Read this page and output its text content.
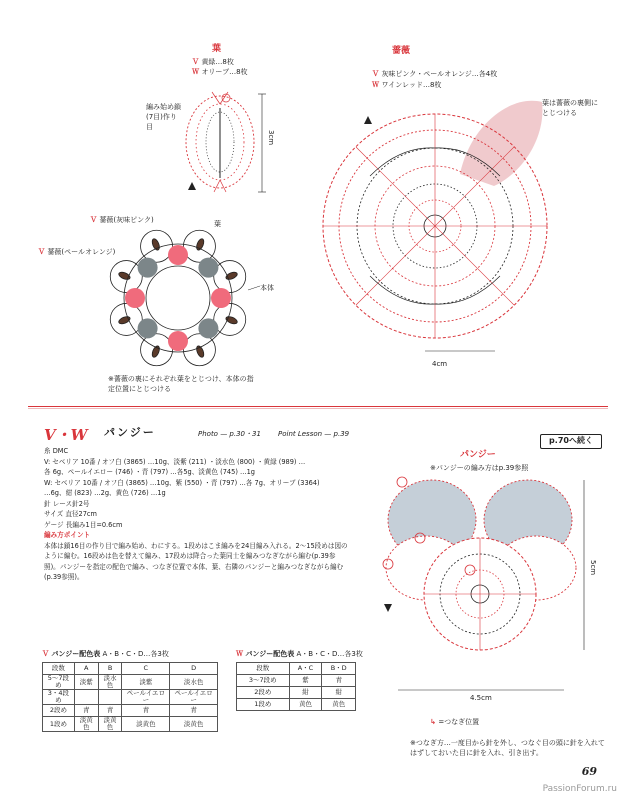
葉
Ｖ 黄緑…8枚
Ｗ オリーブ…8枚
編み始め鎖(7目)作り目
3cm
薔薇
Ｖ 灰味ピンク・ペールオレンジ…各4枚
Ｗ ワインレッド…8枚
葉は薔薇の裏側にとじつける
4cm
Ｖ 薔薇(灰味ピンク)	葉
Ｖ 薔薇(ペールオレンジ)
本体
※薔薇の裏にそれぞれ葉をとじつけ、本体の指定位置にとじつける
V・W パンジー	Photo — p.30・31 Point Lesson — p.39

糸 DMC

V: セベリア 10番 / オフ白 (3865) …10g、淡紫 (211) ・淡水色 (800) ・黄緑 (989) …

各 6g、ペールイエロー (746) ・青 (797) …各5g、淡黄色 (745) …1g

W: セベリア 10番 / オフ白 (3865) …10g、紫 (550) ・青 (797) …各 7g、オリーブ (3364)

…6g、紺 (823) …2g、黄色 (726) …1g

針 レース針2号

サイズ 直径27cm

ゲージ 長編み1目=0.6cm

編み方ポイント

本体は鎖16目の作り目で編み始め、わにする。1段めはこま編みを24目編み入れる。2～15段めは図の

ように編む。16段めは色を替えて編み、17段めは降合った葉同士を編みつなぎながら編む(p.39参

照)。パンジーを指定の配色で編み、つなぎ位置で本体、葉、右隣のパンジーと編みつなぎながら編む

(p.39参照)。

Ｖ パンジー配色表 A・B・C・D…各3枚
段数	A	B	C	D
5～7段め	淡紫	淡水色	淡紫	淡水色
3・4段め			ペールイエロー	ペールイエロー
2段め	青	青	青	青
1段め	淡黄色	淡黄色	淡黄色	淡黄色
Ｗ パンジー配色表 A・B・C・D…各3枚
段数	A・C	B・D
3～7段め	紫	青
2段め	紺	紺
1段め	黄色	黄色
p.70へ続く
パンジー
※パンジーの編み方はp.39参照
5cm
4.5cm
↳ =つなぎ位置
※つなぎ方…一度目から針を外し、つなぐ目の頭に針を入れてはずしておいた目に針を入れ、引き出す。
69
PassionForum.ru
